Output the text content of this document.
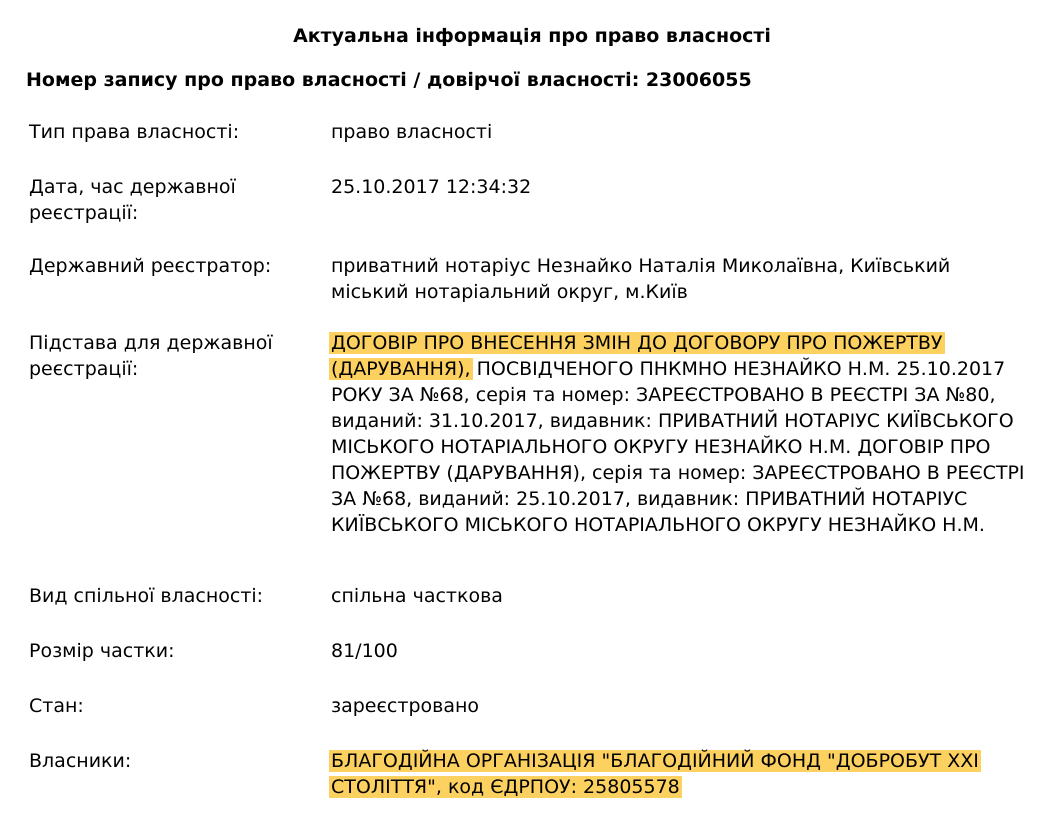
Актуальна інформація про право власності
Номер запису про право власності / довірчої власності: 23006055
Тип права власності:	право власності
Дата, час державної реєстрації:
25.10.2017 12:34:32
Державний реєстратор:	приватний нотаріус Незнайко Наталія Миколаївна, Київський міський нотаріальний округ, м.Київ
Підстава для державної реєстрації:
ДОГОВІР ПРО ВНЕСЕННЯ ЗМІН ДО ДОГОВОРУ ПРО ПОЖЕРТВУ (ДАРУВАННЯ), ПОСВІДЧЕНОГО ПНКМНО НЕЗНАЙКО Н.М. 25.10.2017 РОКУ ЗА №68, серія та номер: ЗАРЕЄСТРОВАНО В РЕЄСТРІ ЗА №80, виданий: 31.10.2017, видавник: ПРИВАТНИЙ НОТАРІУС КИЇВСЬКОГО МІСЬКОГО НОТАРІАЛЬНОГО ОКРУГУ НЕЗНАЙКО Н.М. ДОГОВІР ПРО ПОЖЕРТВУ (ДАРУВАННЯ), серія та номер: ЗАРЕЄСТРОВАНО В РЕЄСТРІ ЗА №68, виданий: 25.10.2017, видавник: ПРИВАТНИЙ НОТАРІУС КИЇВСЬКОГО МІСЬКОГО НОТАРІАЛЬНОГО ОКРУГУ НЕЗНАЙКО Н.М.
Вид спільної власності:	спільна часткова
Розмір частки:	81/100
Стан:	зареєстровано
Власники:	БЛАГОДІЙНА ОРГАНІЗАЦІЯ "БЛАГОДІЙНИЙ ФОНД "ДОБРОБУТ ХХІ СТОЛІТТЯ", код ЄДРПОУ: 25805578
